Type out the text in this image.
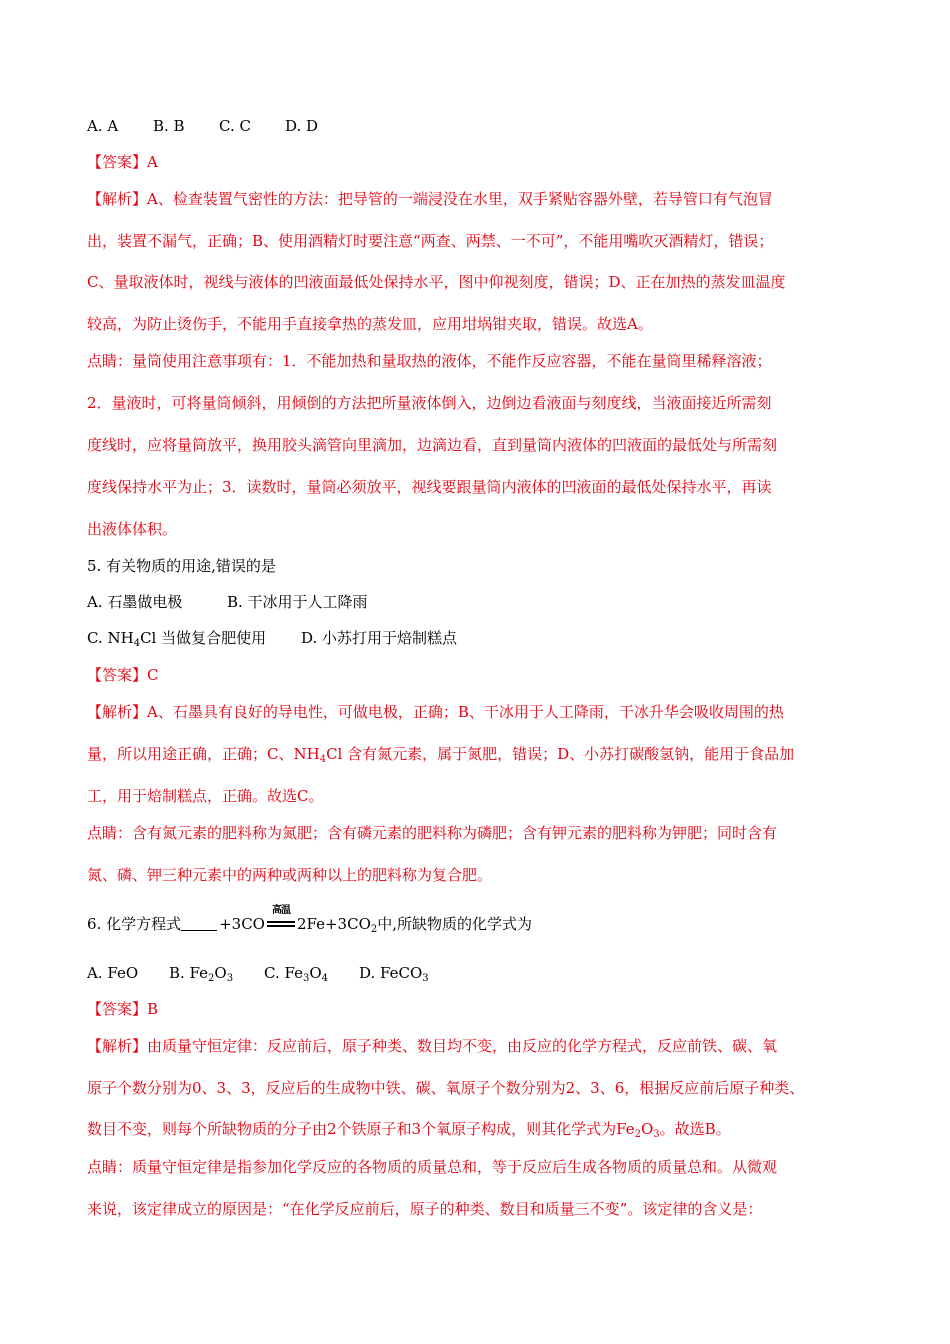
A. A B. B C. C D. D
【答案】A
【解析】A、检查装置气密性的方法：把导管的一端浸没在水里，双手紧贴容器外壁，若导管口有气泡冒
出，装置不漏气，正确；B、使用酒精灯时要注意“两查、两禁、一不可”，不能用嘴吹灭酒精灯，错误；
C、量取液体时，视线与液体的凹液面最低处保持水平，图中仰视刻度，错误；D、正在加热的蒸发皿温度
较高，为防止烫伤手，不能用手直接拿热的蒸发皿，应用坩埚钳夹取，错误。故选A。
点睛：量筒使用注意事项有：1．不能加热和量取热的液体，不能作反应容器，不能在量筒里稀释溶液；
2．量液时，可将量筒倾斜，用倾倒的方法把所量液体倒入，边倒边看液面与刻度线，当液面接近所需刻
度线时，应将量筒放平，换用胶头滴管向里滴加，边滴边看，直到量筒内液体的凹液面的最低处与所需刻
度线保持水平为止；3．读数时，量筒必须放平，视线要跟量筒内液体的凹液面的最低处保持水平，再读
出液体体积。
5. 有关物质的用途,错误的是
A. 石墨做电极	B. 干冰用于人工降雨
C. $NH_4Cl$ 当做复合肥使用 D. 小苏打用于焙制糕点
【答案】C
【解析】A、石墨具有良好的导电性，可做电极，正确；B、干冰用于人工降雨，干冰升华会吸收周围的热
量，所以用途正确，正确；C、$NH_4Cl$ 含有氮元素，属于氮肥，错误；D、小苏打碳酸氢钠，能用于食品加
工，用于焙制糕点，正确。故选C。
点睛：含有氮元素的肥料称为氮肥；含有磷元素的肥料称为磷肥；含有钾元素的肥料称为钾肥；同时含有
氮、磷、钾三种元素中的两种或两种以上的肥料称为复合肥。
6. 化学方程式	+3CO
高温
$2Fe+3CO_2$中,所缺物质的化学式为
A. FeO B. $Fe_2O_3$ C. $Fe_3O_4$ D. FeCO$_3$
【答案】B
【解析】由质量守恒定律：反应前后，原子种类、数目均不变，由反应的化学方程式，反应前铁、碳、氧
原子个数分别为0、3、3，反应后的生成物中铁、碳、氧原子个数分别为2、3、6，根据反应前后原子种类、
数目不变，则每个所缺物质的分子由2个铁原子和3个氧原子构成，则其化学式为$Fe_2O_3$。故选B。
点睛：质量守恒定律是指参加化学反应的各物质的质量总和，等于反应后生成各物质的质量总和。从微观
来说，该定律成立的原因是：“在化学反应前后，原子的种类、数目和质量三不变”。该定律的含义是：
